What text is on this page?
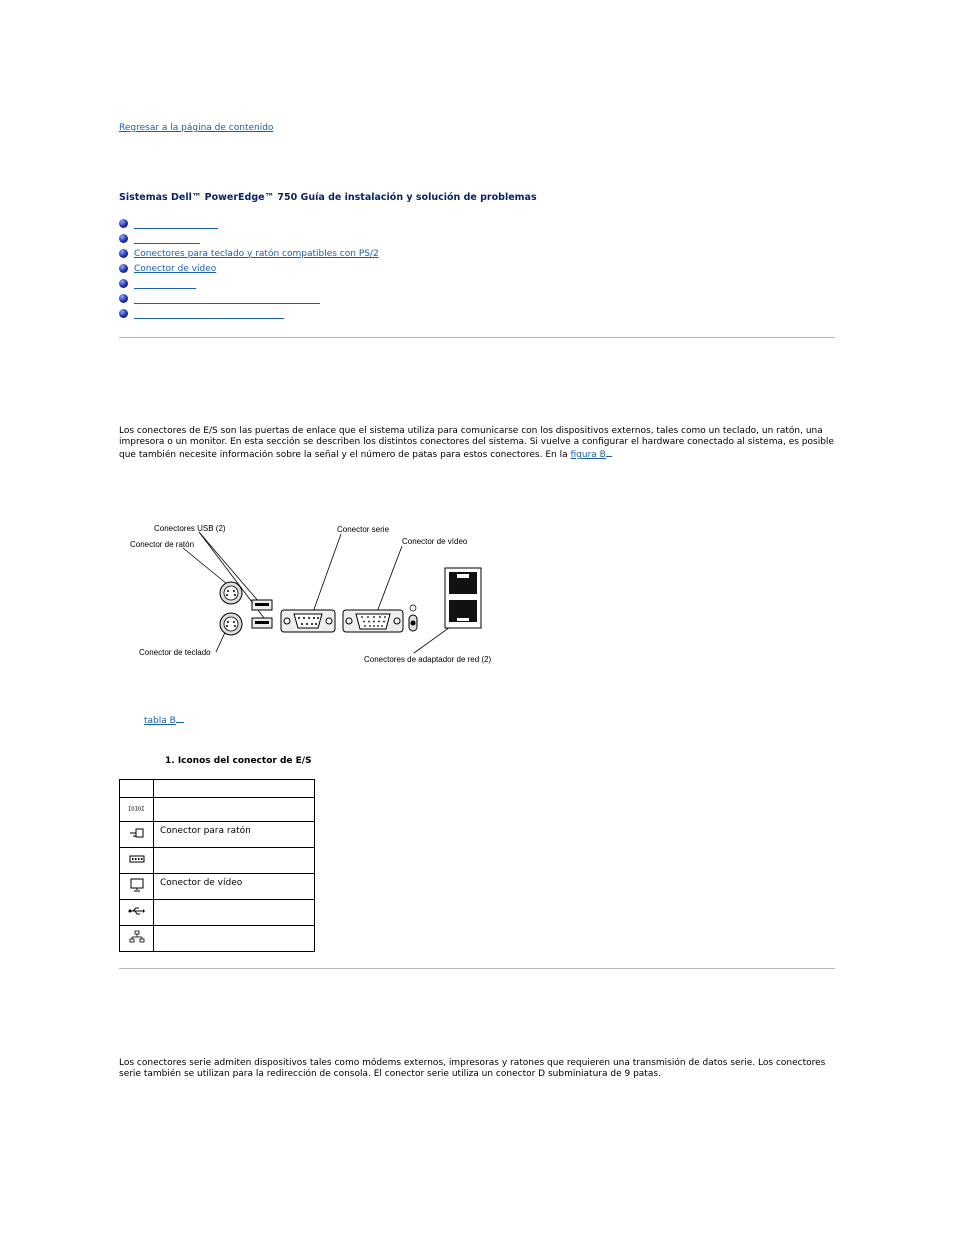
Regresar a la página de contenido
Sistemas Dell™ PowerEdge™ 750 Guía de instalación y solución de problemas
Conectores para teclado y ratón compatibles con PS/2
Conector de vídeo
Los conectores de E/S son las puertas de enlace que el sistema utiliza para comunicarse con los dispositivos externos, tales como un teclado, un ratón, una impresora o un monitor. En esta sección se describen los distintos conectores del sistema. Si vuelve a configurar el hardware conectado al sistema, es posible que también necesite información sobre la señal y el número de patas para estos conectores. En la figura B
Conectores USB (2)
Conector de ratón
Conector serie
Conector de vídeo
Conector de teclado
Conectores de adaptador de red (2)
tabla B
1. Iconos del conector de E/S

IOIOI	

	Conector para ratón

	Conector de vídeo

Los conectores serie admiten dispositivos tales como módems externos, impresoras y ratones que requieren una transmisión de datos serie. Los conectores serie también se utilizan para la redirección de consola. El conector serie utiliza un conector D subminiatura de 9 patas.
